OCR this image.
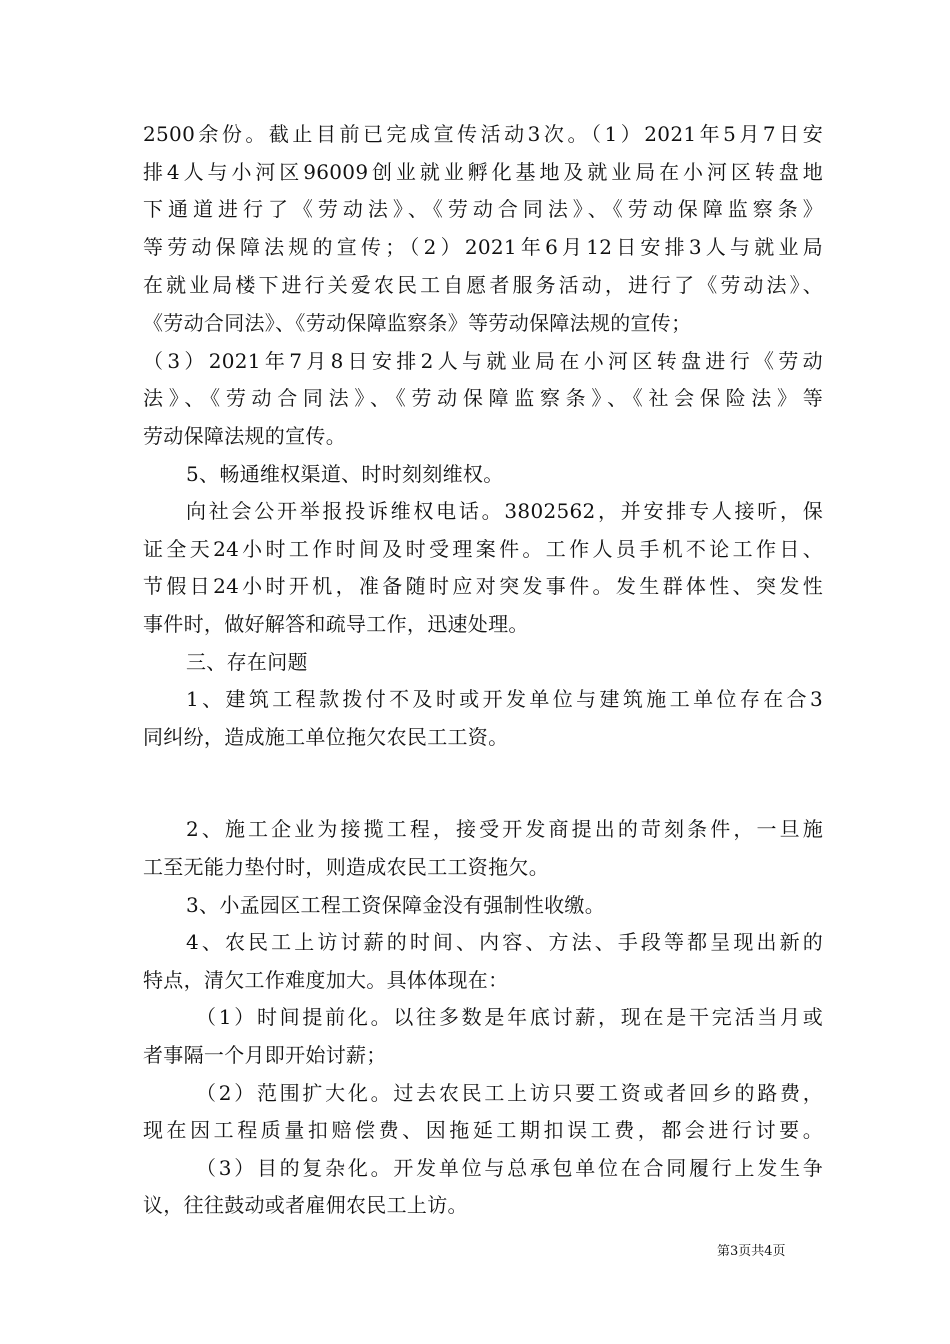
2500余份。截止目前已完成宣传活动3次。（1）2021年5月7日安
排4人与小河区96009创业就业孵化基地及就业局在小河区转盘地
下通道进行了《劳动法》、《劳动合同法》、《劳动保障监察条》
等劳动保障法规的宣传；（2）2021年6月12日安排3人与就业局
在就业局楼下进行关爱农民工自愿者服务活动，进行了《劳动法》、
《劳动合同法》、《劳动保障监察条》等劳动保障法规的宣传；
（3）2021年7月8日安排2人与就业局在小河区转盘进行《劳动
法》、《劳动合同法》、《劳动保障监察条》、《社会保险法》等
劳动保障法规的宣传。
5、畅通维权渠道、时时刻刻维权。
向社会公开举报投诉维权电话。3802562，并安排专人接听，保
证全天24小时工作时间及时受理案件。工作人员手机不论工作日、
节假日24小时开机，准备随时应对突发事件。发生群体性、突发性
事件时，做好解答和疏导工作，迅速处理。
三、存在问题
1、建筑工程款拨付不及时或开发单位与建筑施工单位存在合3
同纠纷，造成施工单位拖欠农民工工资。
2、施工企业为接揽工程，接受开发商提出的苛刻条件，一旦施
工至无能力垫付时，则造成农民工工资拖欠。
3、小孟园区工程工资保障金没有强制性收缴。
4、农民工上访讨薪的时间、内容、方法、手段等都呈现出新的
特点，清欠工作难度加大。具体体现在：
（1）时间提前化。以往多数是年底讨薪，现在是干完活当月或
者事隔一个月即开始讨薪；
（2）范围扩大化。过去农民工上访只要工资或者回乡的路费，
现在因工程质量扣赔偿费、因拖延工期扣误工费，都会进行讨要。
（3）目的复杂化。开发单位与总承包单位在合同履行上发生争
议，往往鼓动或者雇佣农民工上访。
第3页共4页
